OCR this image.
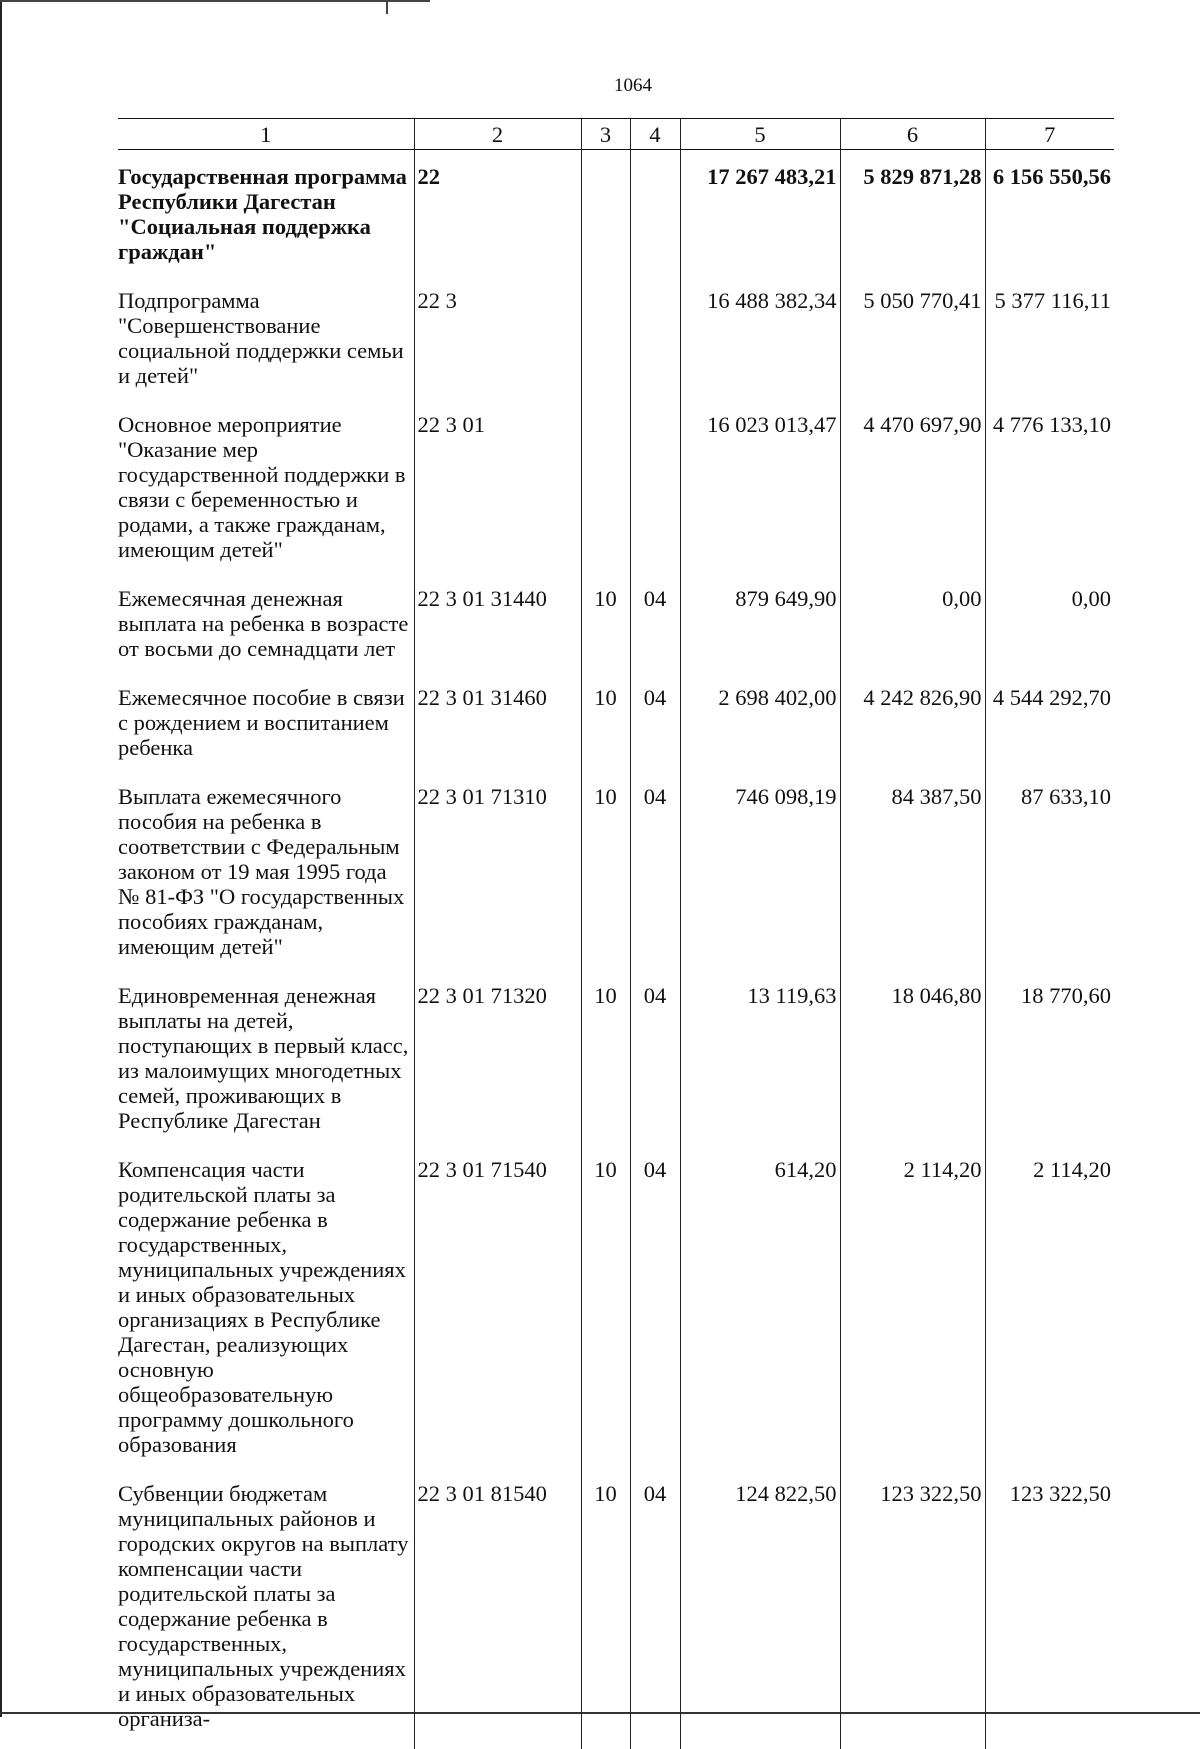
1064
1	2	3	4	5	6	7
Государственная программа Республики Дагестан "Социальная поддержка граждан"	22			17 267 483,21	5 829 871,28	6 156 550,56
Подпрограмма "Совершенствование социальной поддержки семьи и детей"	22 3			16 488 382,34	5 050 770,41	5 377 116,11
Основное мероприятие "Оказание мер государственной поддержки в связи с беременностью и родами, а также гражданам, имеющим детей"	22 3 01			16 023 013,47	4 470 697,90	4 776 133,10
Ежемесячная денежная выплата на ребенка в возрасте от восьми до семнадцати лет	22 3 01 31440	10	04	879 649,90	0,00	0,00
Ежемесячное пособие в связи с рождением и воспитанием ребенка	22 3 01 31460	10	04	2 698 402,00	4 242 826,90	4 544 292,70
Выплата ежемесячного пособия на ребенка в соответствии с Федеральным законом от 19 мая 1995 года № 81-ФЗ "О государственных пособиях гражданам, имеющим детей"	22 3 01 71310	10	04	746 098,19	84 387,50	87 633,10
Единовременная денежная выплаты на детей, поступающих в первый класс, из малоимущих многодетных семей, проживающих в Республике Дагестан	22 3 01 71320	10	04	13 119,63	18 046,80	18 770,60
Компенсация части родительской платы за содержание ребенка в государственных, муниципальных учреждениях и иных образовательных организациях в Республике Дагестан, реализующих основную общеобразовательную программу дошкольного образования	22 3 01 71540	10	04	614,20	2 114,20	2 114,20
Субвенции бюджетам муниципальных районов и городских округов на выплату компенсации части родительской платы за содержание ребенка в государственных, муниципальных учреждениях и иных образовательных организа-	22 3 01 81540	10	04	124 822,50	123 322,50	123 322,50
